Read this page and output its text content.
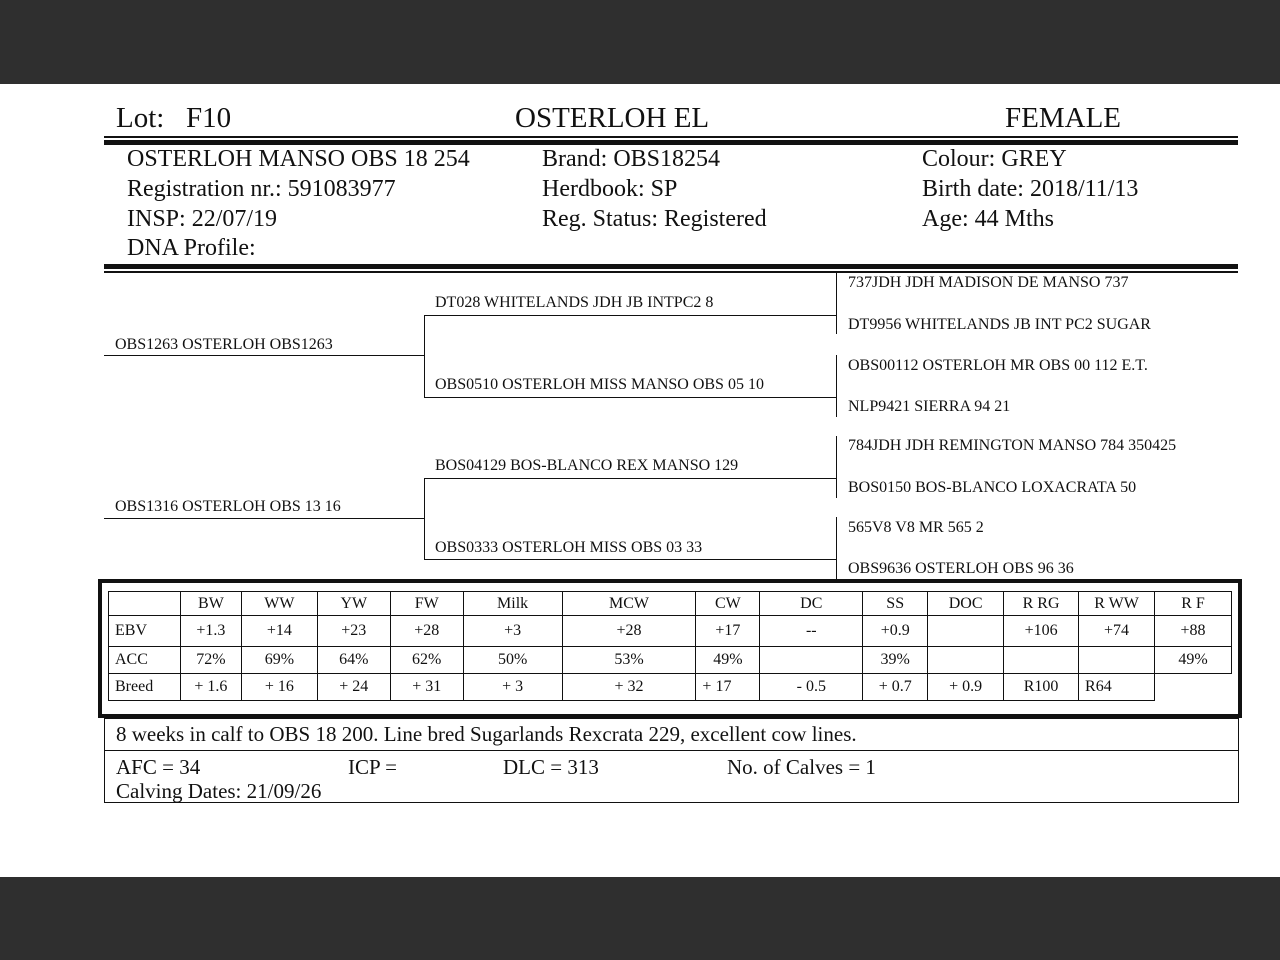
Lot: F10	OSTERLOH EL	FEMALE
OSTERLOH MANSO OBS 18 254
Registration nr.: 591083977
INSP: 22/07/19
DNA Profile:
Brand: OBS18254
Herdbook: SP
Reg. Status: Registered
Colour: GREY
Birth date: 2018/11/13
Age: 44 Mths
OBS1263 OSTERLOH OBS1263
OBS1316 OSTERLOH OBS 13 16
DT028 WHITELANDS JDH JB INTPC2 8
OBS0510 OSTERLOH MISS MANSO OBS 05 10
BOS04129 BOS-BLANCO REX MANSO 129
OBS0333 OSTERLOH MISS OBS 03 33
737JDH JDH MADISON DE MANSO 737
DT9956 WHITELANDS JB INT PC2 SUGAR
OBS00112 OSTERLOH MR OBS 00 112 E.T.
NLP9421 SIERRA 94 21
784JDH JDH REMINGTON MANSO 784 350425
BOS0150 BOS-BLANCO LOXACRATA 50
565V8 V8 MR 565 2
OBS9636 OSTERLOH OBS 96 36
	BW	WW	YW	FW	Milk	MCW	CW	DC	SS	DOC	R RG	R WW	R F
EBV	+1.3	+14	+23	+28	+3	+28	+17	--	+0.9		+106	+74	+88
ACC	72%	69%	64%	62%	50%	53%	49%		39%				49%
Breed	+ 1.6	+ 16	+ 24	+ 31	+ 3	+ 32	+ 17	- 0.5	+ 0.7	+ 0.9	R100	R64	
8 weeks in calf to OBS 18 200. Line bred Sugarlands Rexcrata 229, excellent cow lines.
AFC = 34	ICP =	DLC = 313	No. of Calves = 1
Calving Dates: 21/09/26
